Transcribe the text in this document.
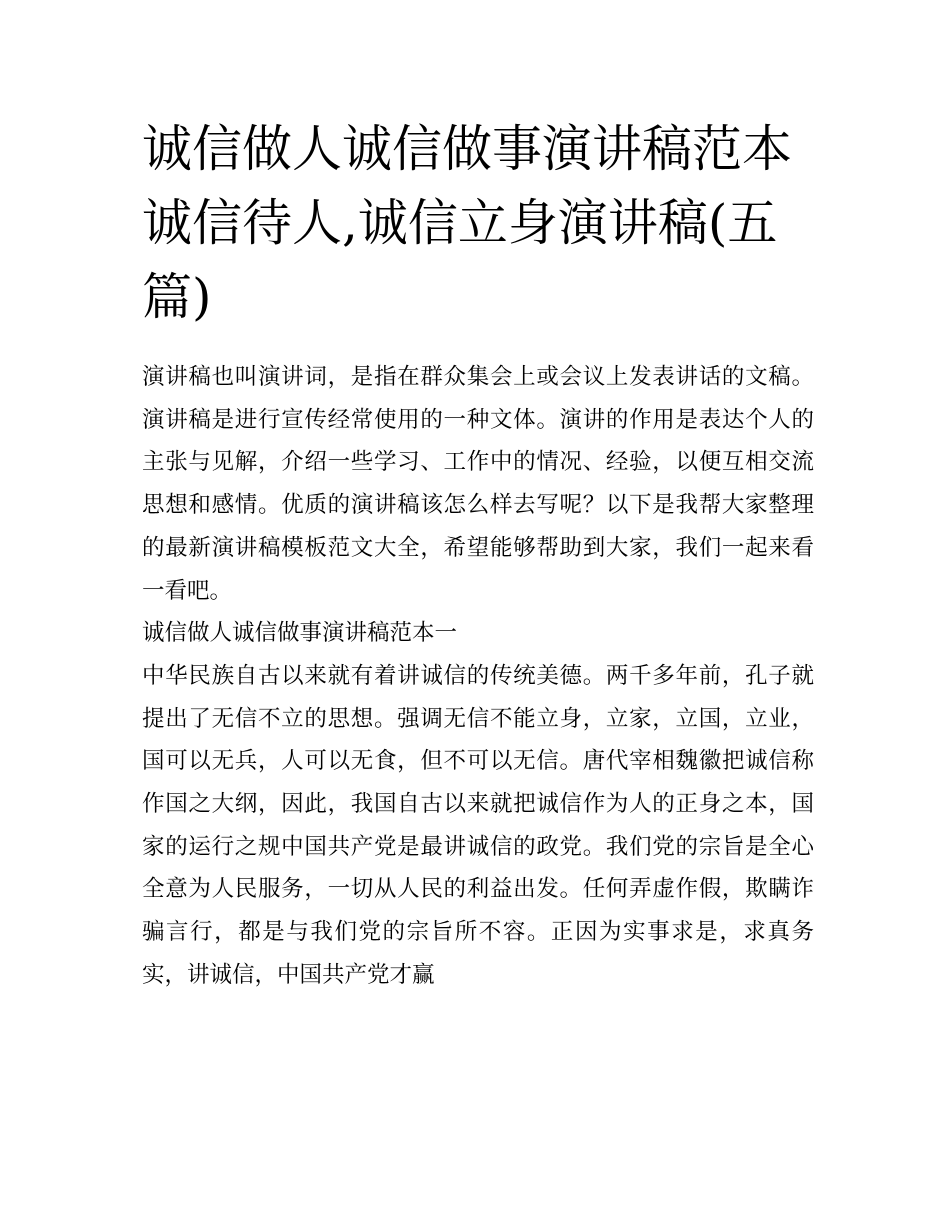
诚信做人诚信做事演讲稿范本诚信待人,诚信立身演讲稿(五篇)

演讲稿也叫演讲词，是指在群众集会上或会议上发表讲话的文稿。演讲稿是进行宣传经常使用的一种文体。演讲的作用是表达个人的主张与见解，介绍一些学习、工作中的情况、经验，以便互相交流思想和感情。优质的演讲稿该怎么样去写呢？以下是我帮大家整理的最新演讲稿模板范文大全，希望能够帮助到大家，我们一起来看一看吧。

诚信做人诚信做事演讲稿范本一

中华民族自古以来就有着讲诚信的传统美德。两千多年前，孔子就提出了无信不立的思想。强调无信不能立身，立家，立国，立业，国可以无兵，人可以无食，但不可以无信。唐代宰相魏徽把诚信称作国之大纲，因此，我国自古以来就把诚信作为人的正身之本，国家的运行之规中国共产党是最讲诚信的政党。我们党的宗旨是全心全意为人民服务，一切从人民的利益出发。任何弄虚作假，欺瞒诈骗言行，都是与我们党的宗旨所不容。正因为实事求是，求真务实，讲诚信，中国共产党才赢
